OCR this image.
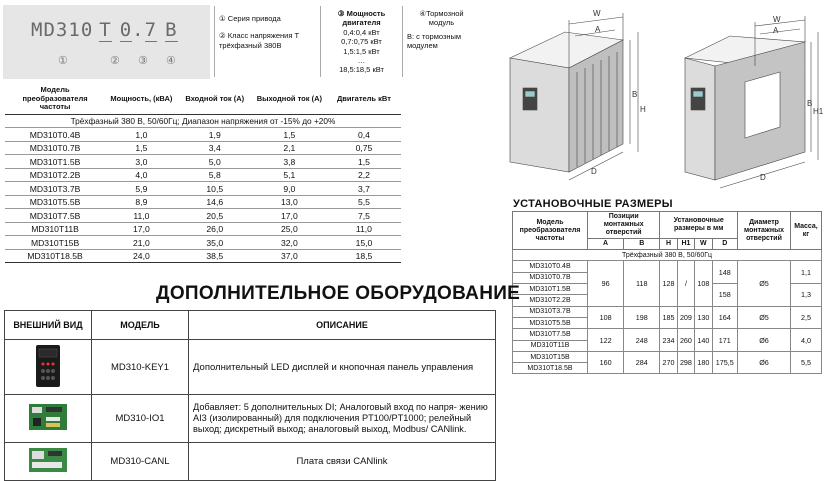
MD310 T 0.7 B
①	② ③ ④
① Серия привода
② Класс напряжения Т трёхфазный 380В
③ Мощность двигателя
0,4:0,4 кВт
0,7:0,75 кВт
1,5:1,5 кВт
…
18,5:18,5 кВт
④Тормозной модуль
В: с тормозным модулем
Модель преобразователя частоты	Мощность, (кВА)	Входной ток (А)	Выходной ток (А)	Двигатель кВт
Трёхфазный 380 В, 50/60Гц; Диапазон напряжения от -15% до +20%				
MD310T0.4B	1,0	1,9	1,5	0,4
MD310T0.7B	1,5	3,4	2,1	0,75
MD310T1.5B	3,0	5,0	3,8	1,5
MD310T2.2B	4,0	5,8	5,1	2,2
MD310T3.7B	5,9	10,5	9,0	3,7
MD310T5.5B	8,9	14,6	13,0	5,5
MD310T7.5B	11,0	20,5	17,0	7,5
MD310T11B	17,0	26,0	25,0	11,0
MD310T15B	21,0	35,0	32,0	15,0
MD310T18.5B	24,0	38,5	37,0	18,5
W
A
B
H
D
W
A
B
H1
D
УСТАНОВОЧНЫЕ РАЗМЕРЫ
Модель преобразователя частоты	Позиции монтажных отверстий		Установочные размеры в мм				Диаметр монтажных отверстий	Масса, кг
	A	B	H	H1	W	D		
Трёхфазный 380 В, 50/60Гц								
MD310T0.4B	96	118	128	/	108	148	Ø5	1,1
MD310T0.7B								
MD310T1.5B						158		1,3
MD310T2.2B								
MD310T3.7B	108	198	185	209	130	164	Ø5	2,5
MD310T5.5B								
MD310T7.5B	122	248	234	260	140	171	Ø6	4,0
MD310T11B								
MD310T15B	160	284	270	298	180	175,5	Ø6	5,5
MD310T18.5B								
ДОПОЛНИТЕЛЬНОЕ ОБОРУДОВАНИЕ
ВНЕШНИЙ ВИД	МОДЕЛЬ	ОПИСАНИЕ
	MD310-KEY1	Дополнительный LED дисплей и кнопочная панель управления
	MD310-IO1	Добавляет: 5 дополнительных DI; Аналоговый вход по напря- жению AI3 (изолированный) для подключения PT100/PT1000; релейный выход; дискретный выход; аналоговый выход, Modbus/ CANlink.
	MD310-CANL	Плата связи CANlink
